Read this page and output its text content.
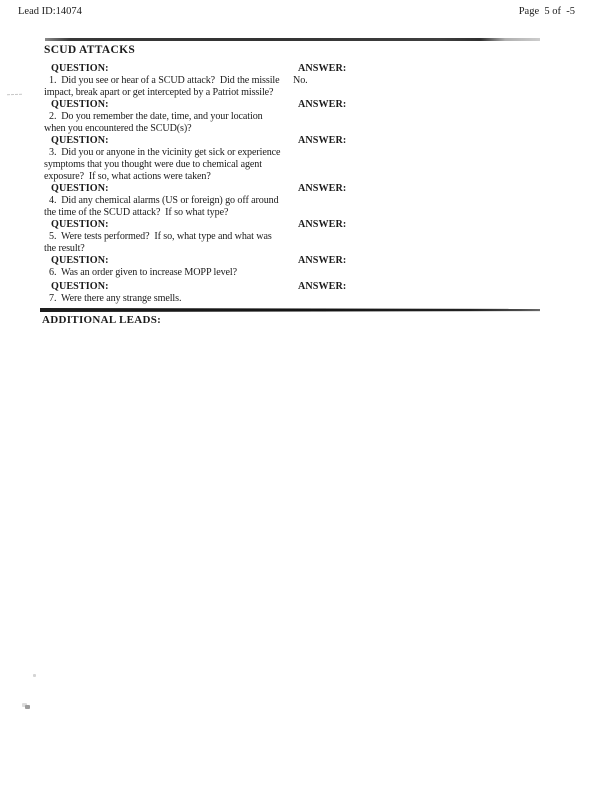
Lead ID:14074	Page  5 of  -5
SCUD ATTACKS
QUESTION:
1.  Did you see or hear of a SCUD attack?  Did the missile
impact, break apart or get intercepted by a Patriot missile?
ANSWER:
No.
QUESTION:
2.  Do you remember the date, time, and your location
when you encountered the SCUD(s)?
ANSWER:
QUESTION:
3.  Did you or anyone in the vicinity get sick or experience
symptoms that you thought were due to chemical agent
exposure?  If so, what actions were taken?
ANSWER:
QUESTION:
4.  Did any chemical alarms (US or foreign) go off around
the time of the SCUD attack?  If so what type?
ANSWER:
QUESTION:
5.  Were tests performed?  If so, what type and what was
the result?
ANSWER:
QUESTION:
6.  Was an order given to increase MOPP level?
ANSWER:
QUESTION:
7.  Were there any strange smells.
ANSWER:
ADDITIONAL LEADS:
